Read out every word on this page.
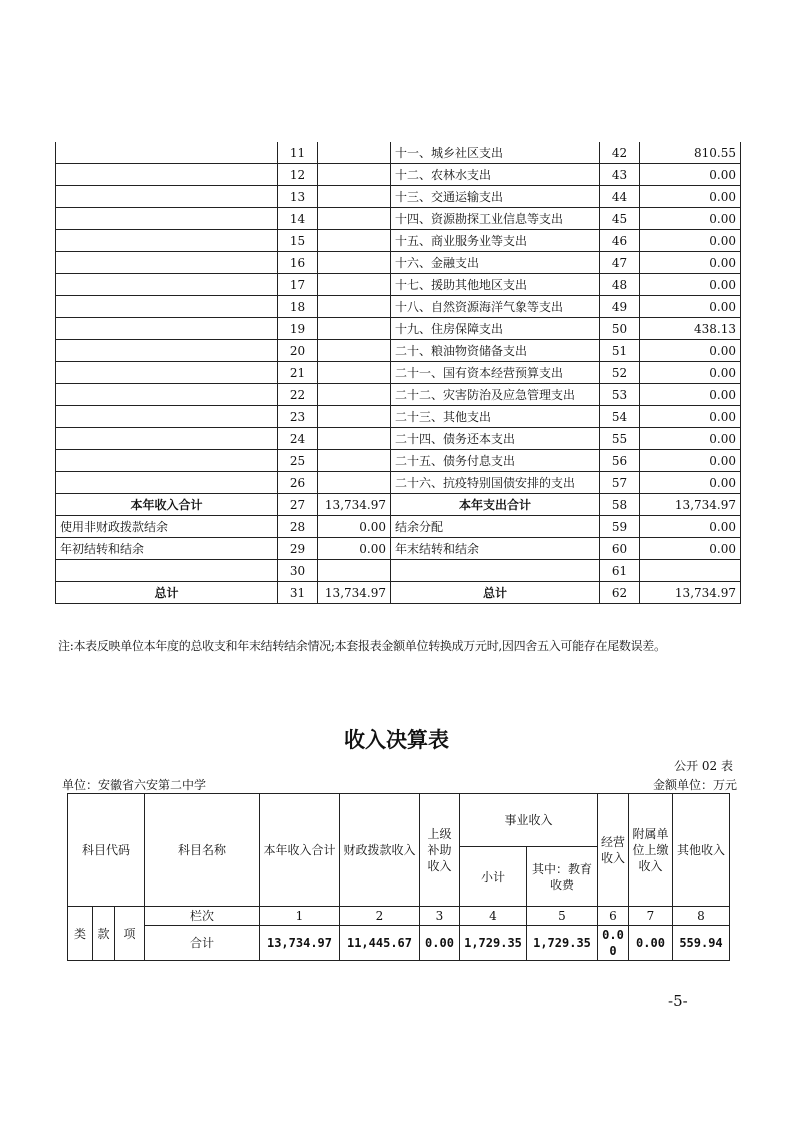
	11		十一、城乡社区支出	42	810.55
	12		十二、农林水支出	43	0.00
	13		十三、交通运输支出	44	0.00
	14		十四、资源勘探工业信息等支出	45	0.00
	15		十五、商业服务业等支出	46	0.00
	16		十六、金融支出	47	0.00
	17		十七、援助其他地区支出	48	0.00
	18		十八、自然资源海洋气象等支出	49	0.00
	19		十九、住房保障支出	50	438.13
	20		二十、粮油物资储备支出	51	0.00
	21		二十一、国有资本经营预算支出	52	0.00
	22		二十二、灾害防治及应急管理支出	53	0.00
	23		二十三、其他支出	54	0.00
	24		二十四、债务还本支出	55	0.00
	25		二十五、债务付息支出	56	0.00
	26		二十六、抗疫特别国债安排的支出	57	0.00
本年收入合计	27	13,734.97	本年支出合计	58	13,734.97
使用非财政拨款结余	28	0.00	结余分配	59	0.00
年初结转和结余	29	0.00	年末结转和结余	60	0.00
	30			61	
总计	31	13,734.97	总计	62	13,734.97
注:本表反映单位本年度的总收支和年末结转结余情况;本套报表金额单位转换成万元时,因四舍五入可能存在尾数误差。
收入决算表
公开 02 表
单位：安徽省六安第二中学	金额单位：万元
科目代码			科目名称	本年收入合计	财政拨款收入	上级补助收入	事业收入		经营收入	附属单位上缴收入	其他收入
							小计	其中：教育收费			
类	款	项	栏次	1	2	3	4	5	6	7	8
			合计	13,734.97	11,445.67	0.00	1,729.35	1,729.35	0.00	0.00	559.94
-5-
